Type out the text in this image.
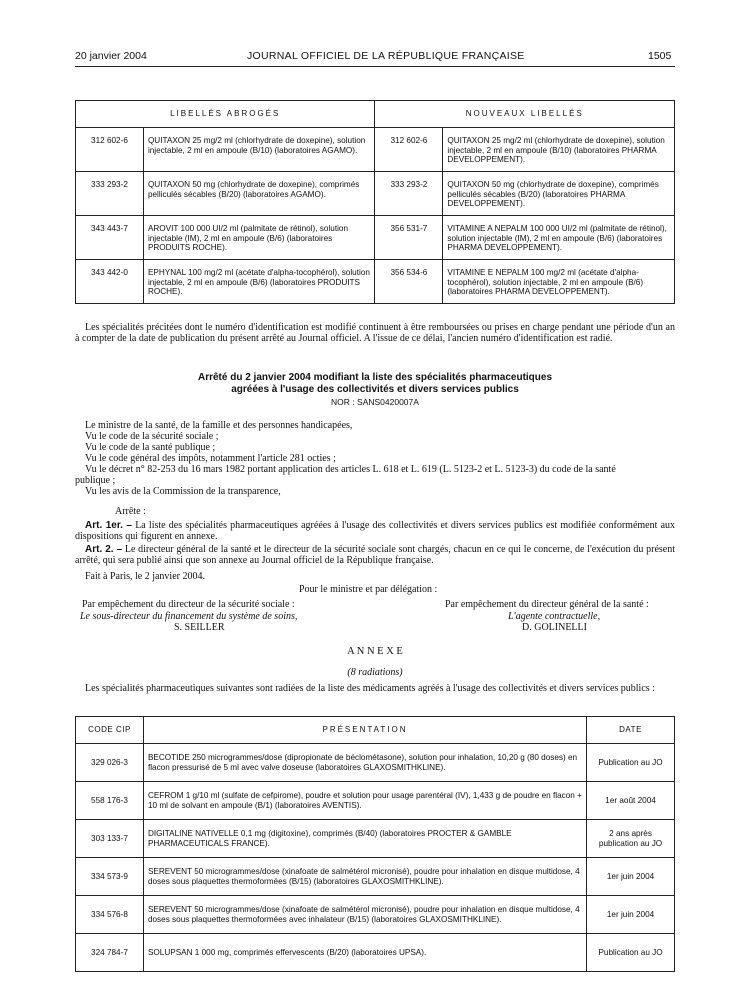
20 janvier 2004	JOURNAL OFFICIEL DE LA RÉPUBLIQUE FRANÇAISE	1505
LIBELLÉS ABROGÉS		NOUVEAUX LIBELLÉS	
312 602-6	QUITAXON 25 mg/2 ml (chlorhydrate de doxepine), solution injectable, 2 ml en ampoule (B/10) (laboratoires AGAMO).	312 602-6	QUITAXON 25 mg/2 ml (chlorhydrate de doxepine), solution injectable, 2 ml en ampoule (B/10) (laboratoires PHARMA DEVELOPPEMENT).
333 293-2	QUITAXON 50 mg (chlorhydrate de doxepine), comprimés pelliculés sécables (B/20) (laboratoires AGAMO).	333 293-2	QUITAXON 50 mg (chlorhydrate de doxepine), comprimés pelliculés sécables (B/20) (laboratoires PHARMA DEVELOPPEMENT).
343 443-7	AROVIT 100 000 UI/2 ml (palmitate de rétinol), solution injectable (IM), 2 ml en ampoule (B/6) (laboratoires PRODUITS ROCHE).	356 531-7	VITAMINE A NEPALM 100 000 UI/2 ml (palmitate de rétinol), solution injectable (IM), 2 ml en ampoule (B/6) (laboratoires PHARMA DEVELOPPEMENT).
343 442-0	EPHYNAL 100 mg/2 ml (acétate d'alpha-tocophérol), solution injectable, 2 ml en ampoule (B/6) (laboratoires PRODUITS ROCHE).	356 534-6	VITAMINE E NEPALM 100 mg/2 ml (acétate d'alpha-tocophérol), solution injectable, 2 ml en ampoule (B/6) (laboratoires PHARMA DEVELOPPEMENT).
Les spécialités précitées dont le numéro d'identification est modifié continuent à être remboursées ou prises en charge pendant une période d'un an à compter de la date de publication du présent arrêté au Journal officiel. A l'issue de ce délai, l'ancien numéro d'identification est radié.
Arrêté du 2 janvier 2004 modifiant la liste des spécialités pharmaceutiques
agréées à l'usage des collectivités et divers services publics
NOR : SANS0420007A
Le ministre de la santé, de la famille et des personnes handicapées,
Vu le code de la sécurité sociale ;
Vu le code de la santé publique ;
Vu le code général des impôts, notamment l'article 281 octies ;
Vu le décret n° 82-253 du 16 mars 1982 portant application des articles L. 618 et L. 619 (L. 5123-2 et L. 5123-3) du code de la santé
publique ;
Vu les avis de la Commission de la transparence,
Arrête :
Art. 1er. – La liste des spécialités pharmaceutiques agréées à l'usage des collectivités et divers services publics est modifiée conformément aux dispositions qui figurent en annexe.
Art. 2. – Le directeur général de la santé et le directeur de la sécurité sociale sont chargés, chacun en ce qui le concerne, de l'exécution du présent arrêté, qui sera publié ainsi que son annexe au Journal officiel de la République française.
Fait à Paris, le 2 janvier 2004.
Pour le ministre et par délégation :
Par empêchement du directeur de la sécurité sociale :
Le sous-directeur du financement du système de soins,
S. SEILLER
Par empêchement du directeur général de la santé :
L'agente contractuelle,
D. GOLINELLI
A N N E X E
(8 radiations)
Les spécialités pharmaceutiques suivantes sont radiées de la liste des médicaments agréés à l'usage des collectivités et divers services publics :
CODE CIP	PRÉSENTATION	DATE
329 026-3	BECOTIDE 250 microgrammes/dose (dipropionate de béclométasone), solution pour inhalation, 10,20 g (80 doses) en flacon pressurisé de 5 ml avec valve doseuse (laboratoires GLAXOSMITHKLINE).	Publication au JO
558 176-3	CEFROM 1 g/10 ml (sulfate de cefpirome), poudre et solution pour usage parentéral (IV), 1,433 g de poudre en flacon + 10 ml de solvant en ampoule (B/1) (laboratoires AVENTIS).	1er août 2004
303 133-7	DIGITALINE NATIVELLE 0,1 mg (digitoxine), comprimés (B/40) (laboratoires PROCTER & GAMBLE PHARMACEUTICALS FRANCE).	2 ans après publication au JO
334 573-9	SEREVENT 50 microgrammes/dose (xinafoate de salmétérol micronisé), poudre pour inhalation en disque multidose, 4 doses sous plaquettes thermoformées (B/15) (laboratoires GLAXOSMITHKLINE).	1er juin 2004
334 576-8	SEREVENT 50 microgrammes/dose (xinafoate de salmétérol micronisé), poudre pour inhalation en disque multidose, 4 doses sous plaquettes thermoformées avec inhalateur (B/15) (laboratoires GLAXOSMITHKLINE).	1er juin 2004
324 784-7	SOLUPSAN 1 000 mg, comprimés effervescents (B/20) (laboratoires UPSA).	Publication au JO
